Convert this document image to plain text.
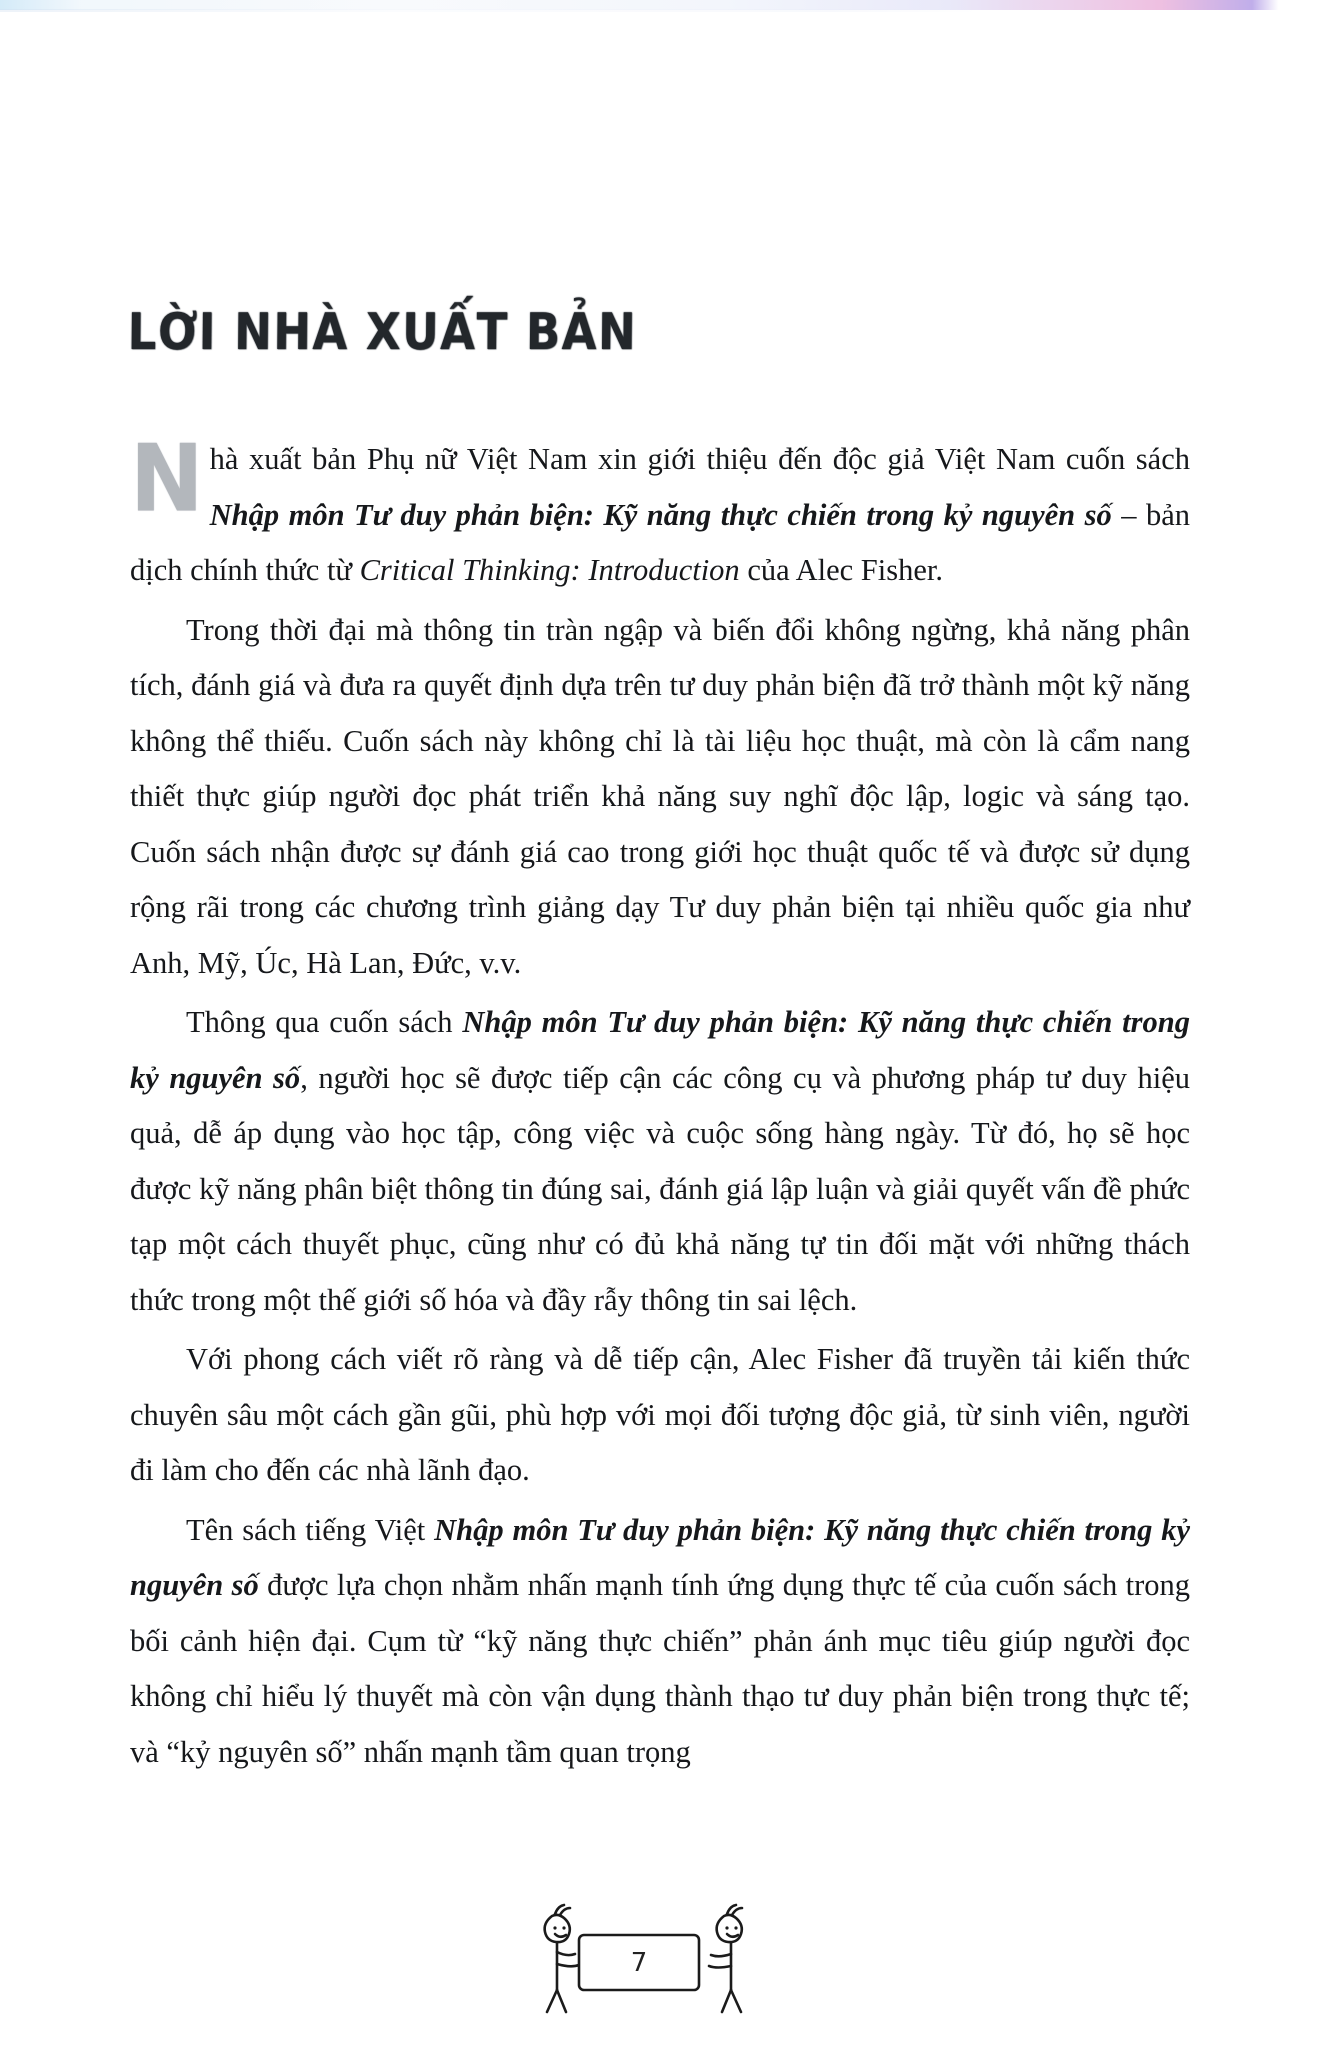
LỜI NHÀ XUẤT BẢN

Nhà xuất bản Phụ nữ Việt Nam xin giới thiệu đến độc giả Việt Nam cuốn sách Nhập môn Tư duy phản biện: Kỹ năng thực chiến trong kỷ nguyên số – bản dịch chính thức từ Critical Thinking: Introduction của Alec Fisher.

Trong thời đại mà thông tin tràn ngập và biến đổi không ngừng, khả năng phân tích, đánh giá và đưa ra quyết định dựa trên tư duy phản biện đã trở thành một kỹ năng không thể thiếu. Cuốn sách này không chỉ là tài liệu học thuật, mà còn là cẩm nang thiết thực giúp người đọc phát triển khả năng suy nghĩ độc lập, logic và sáng tạo. Cuốn sách nhận được sự đánh giá cao trong giới học thuật quốc tế và được sử dụng rộng rãi trong các chương trình giảng dạy Tư duy phản biện tại nhiều quốc gia như Anh, Mỹ, Úc, Hà Lan, Đức, v.v.

Thông qua cuốn sách Nhập môn Tư duy phản biện: Kỹ năng thực chiến trong kỷ nguyên số, người học sẽ được tiếp cận các công cụ và phương pháp tư duy hiệu quả, dễ áp dụng vào học tập, công việc và cuộc sống hàng ngày. Từ đó, họ sẽ học được kỹ năng phân biệt thông tin đúng sai, đánh giá lập luận và giải quyết vấn đề phức tạp một cách thuyết phục, cũng như có đủ khả năng tự tin đối mặt với những thách thức trong một thế giới số hóa và đầy rẫy thông tin sai lệch.

Với phong cách viết rõ ràng và dễ tiếp cận, Alec Fisher đã truyền tải kiến thức chuyên sâu một cách gần gũi, phù hợp với mọi đối tượng độc giả, từ sinh viên, người đi làm cho đến các nhà lãnh đạo.

Tên sách tiếng Việt Nhập môn Tư duy phản biện: Kỹ năng thực chiến trong kỷ nguyên số được lựa chọn nhằm nhấn mạnh tính ứng dụng thực tế của cuốn sách trong bối cảnh hiện đại. Cụm từ “kỹ năng thực chiến” phản ánh mục tiêu giúp người đọc không chỉ hiểu lý thuyết mà còn vận dụng thành thạo tư duy phản biện trong thực tế; và “kỷ nguyên số” nhấn mạnh tầm quan trọng

7
